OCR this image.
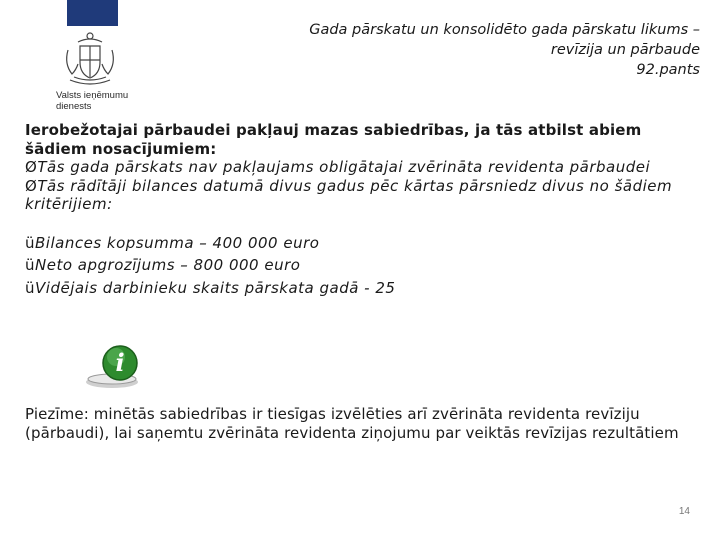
Valsts ieņēmumu
dienests
Gada pārskatu un konsolidēto gada pārskatu likums –
revīzija un pārbaude
92.pants
Ierobežotajai pārbaudei pakļauj mazas sabiedrības, ja tās atbilst abiem šādiem nosacījumiem:
ØTās gada pārskats nav pakļaujams obligātajai zvērināta revidenta pārbaudei
ØTās rādītāji bilances datumā divus gadus pēc kārtas pārsniedz divus no šādiem kritērijiem:
üBilances kopsumma – 400 000 euro
üNeto apgrozījums – 800 000 euro
üVidējais darbinieku skaits pārskata gadā - 25
i
Piezīme: minētās sabiedrības ir tiesīgas izvēlēties arī zvērināta revidenta revīziju (pārbaudi), lai saņemtu zvērināta revidenta ziņojumu par veiktās revīzijas rezultātiem
14
